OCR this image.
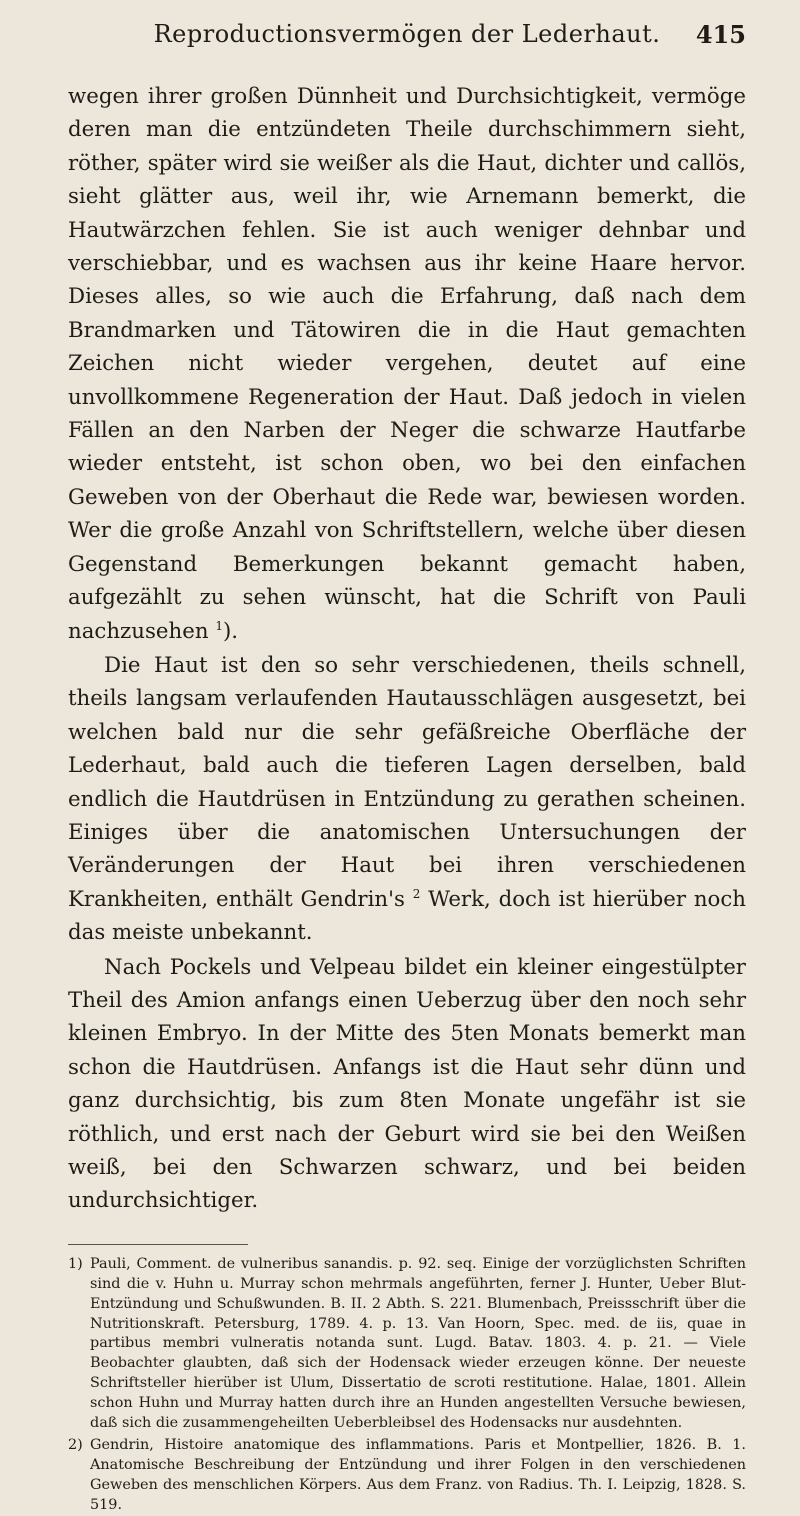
Reproductionsvermögen der Lederhaut.	415

wegen ihrer großen Dünnheit und Durchsichtigkeit, vermöge deren man die entzündeten Theile durchschimmern sieht, röther, später wird sie weißer als die Haut, dichter und callös, sieht glätter aus, weil ihr, wie Arnemann bemerkt, die Hautwärzchen fehlen. Sie ist auch weniger dehnbar und verschiebbar, und es wachsen aus ihr keine Haare hervor. Dieses alles, so wie auch die Erfahrung, daß nach dem Brandmarken und Tätowiren die in die Haut gemachten Zeichen nicht wieder vergehen, deutet auf eine unvollkommene Regeneration der Haut. Daß jedoch in vielen Fällen an den Narben der Neger die schwarze Hautfarbe wieder entsteht, ist schon oben, wo bei den einfachen Geweben von der Oberhaut die Rede war, bewiesen worden. Wer die große Anzahl von Schriftstellern, welche über diesen Gegenstand Bemerkungen bekannt gemacht haben, aufgezählt zu sehen wünscht, hat die Schrift von Pauli nachzusehen $^1$).

Die Haut ist den so sehr verschiedenen, theils schnell, theils langsam verlaufenden Hautausschlägen ausgesetzt, bei welchen bald nur die sehr gefäßreiche Oberfläche der Lederhaut, bald auch die tieferen Lagen derselben, bald endlich die Hautdrüsen in Entzündung zu gerathen scheinen. Einiges über die anatomischen Untersuchungen der Veränderungen der Haut bei ihren verschiedenen Krankheiten, enthält Gendrin's $^2$ Werk, doch ist hierüber noch das meiste unbekannt.

Nach Pockels und Velpeau bildet ein kleiner eingestülpter Theil des Amion anfangs einen Ueberzug über den noch sehr kleinen Embryo. In der Mitte des 5ten Monats bemerkt man schon die Hautdrüsen. Anfangs ist die Haut sehr dünn und ganz durchsichtig, bis zum 8ten Monate ungefähr ist sie röthlich, und erst nach der Geburt wird sie bei den Weißen weiß, bei den Schwarzen schwarz, und bei beiden undurchsichtiger.

1) Pauli, Comment. de vulneribus sanandis. p. 92. seq. Einige der vorzüglichsten Schriften sind die v. Huhn u. Murray schon mehrmals angeführten, ferner J. Hunter, Ueber Blut-Entzündung und Schußwunden. B. II. 2 Abth. S. 221. Blumenbach, Preissschrift über die Nutritionskraft. Petersburg, 1789. 4. p. 13. Van Hoorn, Spec. med. de iis, quae in partibus membri vulneratis notanda sunt. Lugd. Batav. 1803. 4. p. 21. — Viele Beobachter glaubten, daß sich der Hodensack wieder erzeugen könne. Der neueste Schriftsteller hierüber ist Ulum, Dissertatio de scroti restitutione. Halae, 1801. Allein schon Huhn und Murray hatten durch ihre an Hunden angestellten Versuche bewiesen, daß sich die zusammengeheilten Ueberbleibsel des Hodensacks nur ausdehnten.

2) Gendrin, Histoire anatomique des inflammations. Paris et Montpellier, 1826. B. 1. Anatomische Beschreibung der Entzündung und ihrer Folgen in den verschiedenen Geweben des menschlichen Körpers. Aus dem Franz. von Radius. Th. I. Leipzig, 1828. S. 519.
